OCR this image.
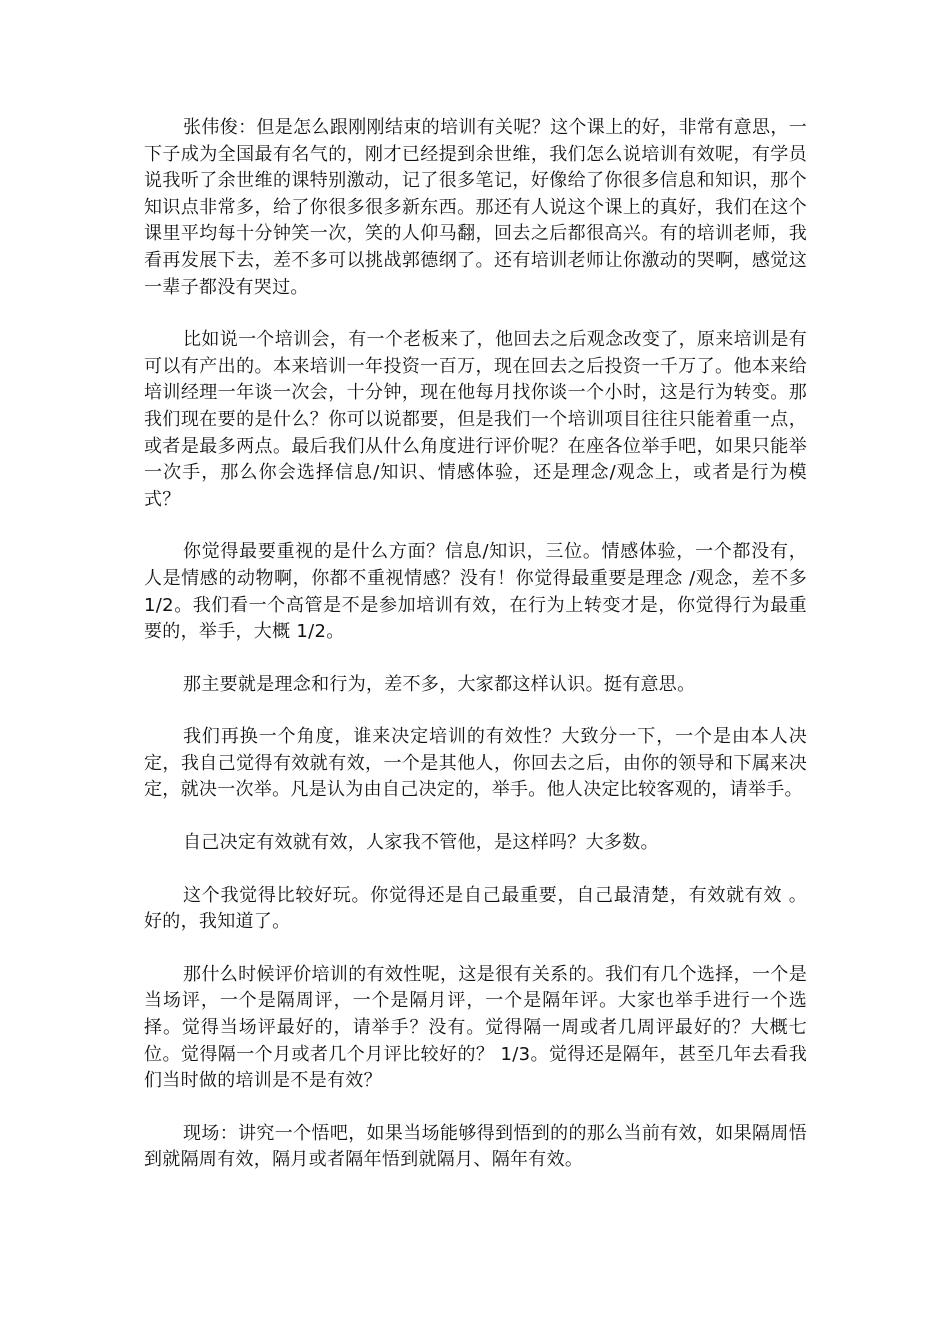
张伟俊：但是怎么跟刚刚结束的培训有关呢？这个课上的好，非常有意思，一下子成为全国最有名气的，刚才已经提到余世维，我们怎么说培训有效呢，有学员说我听了余世维的课特别激动，记了很多笔记，好像给了你很多信息和知识，那个知识点非常多，给了你很多很多新东西。那还有人说这个课上的真好，我们在这个课里平均每十分钟笑一次，笑的人仰马翻，回去之后都很高兴。有的培训老师，我看再发展下去，差不多可以挑战郭德纲了。还有培训老师让你激动的哭啊，感觉这一辈子都没有哭过。

比如说一个培训会，有一个老板来了，他回去之后观念改变了，原来培训是有可以有产出的。本来培训一年投资一百万，现在回去之后投资一千万了。他本来给培训经理一年谈一次会，十分钟，现在他每月找你谈一个小时，这是行为转变。那我们现在要的是什么？你可以说都要，但是我们一个培训项目往往只能着重一点，或者是最多两点。最后我们从什么角度进行评价呢？在座各位举手吧，如果只能举一次手，那么你会选择信息/知识、情感体验，还是理念/观念上，或者是行为模式？

你觉得最要重视的是什么方面？信息/知识，三位。情感体验，一个都没有，人是情感的动物啊，你都不重视情感？没有！你觉得最重要是理念 /观念，差不多 1/2。我们看一个高管是不是参加培训有效，在行为上转变才是，你觉得行为最重要的，举手，大概 1/2。

那主要就是理念和行为，差不多，大家都这样认识。挺有意思。

我们再换一个角度，谁来决定培训的有效性？大致分一下，一个是由本人决定，我自己觉得有效就有效，一个是其他人，你回去之后，由你的领导和下属来决定，就决一次举。凡是认为由自己决定的，举手。他人决定比较客观的，请举手。

自己决定有效就有效，人家我不管他，是这样吗？大多数。

这个我觉得比较好玩。你觉得还是自己最重要，自己最清楚，有效就有效 。好的，我知道了。

那什么时候评价培训的有效性呢，这是很有关系的。我们有几个选择，一个是当场评，一个是隔周评，一个是隔月评，一个是隔年评。大家也举手进行一个选择。觉得当场评最好的，请举手？没有。觉得隔一周或者几周评最好的？大概七位。觉得隔一个月或者几个月评比较好的？ 1/3。觉得还是隔年，甚至几年去看我们当时做的培训是不是有效？

现场：讲究一个悟吧，如果当场能够得到悟到的的那么当前有效，如果隔周悟到就隔周有效，隔月或者隔年悟到就隔月、隔年有效。
